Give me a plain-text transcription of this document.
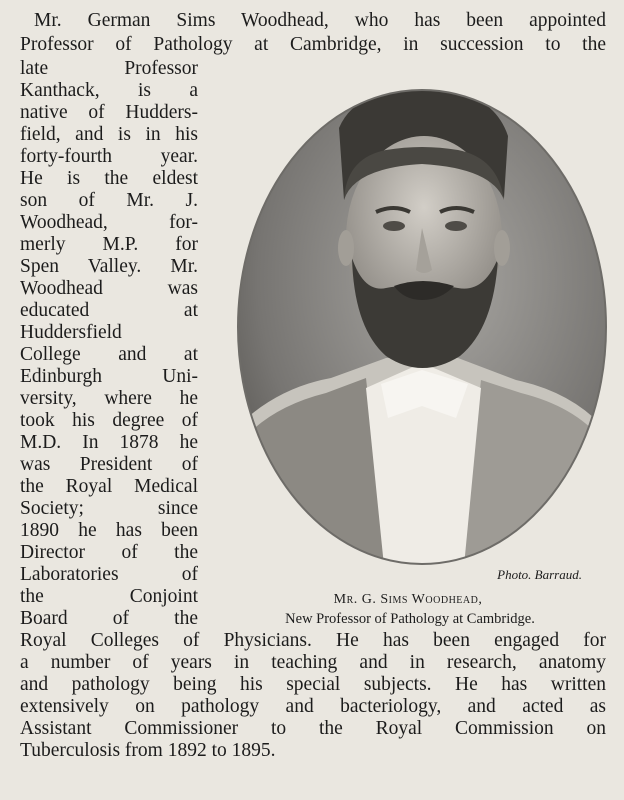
Mr. German Sims Woodhead, who has been appointed
Professor of Pathology at Cambridge, in succession to the
late Professor
Kanthack, is a
native of Hudders-
field, and is in his
forty-fourth year.
He is the eldest
son of Mr. J.
Woodhead, for-
merly M.P. for
Spen Valley. Mr.
Woodhead was
educated at
Huddersfield
College and at
Edinburgh Uni-
versity, where he
took his degree of
M.D. In 1878 he
was President of
the Royal Medical
Society; since
1890 he has been
Director of the
Laboratories of
the Conjoint
Board of the
Royal Colleges of Physicians. He has been engaged for
a number of years in teaching and in research, anatomy
and pathology being his special subjects. He has written
extensively on pathology and bacteriology, and acted as
Assistant Commissioner to the Royal Commission on
Tuberculosis from 1892 to 1895.
Photo. Barraud.
Mr. G. Sims Woodhead,
New Professor of Pathology at Cambridge.
